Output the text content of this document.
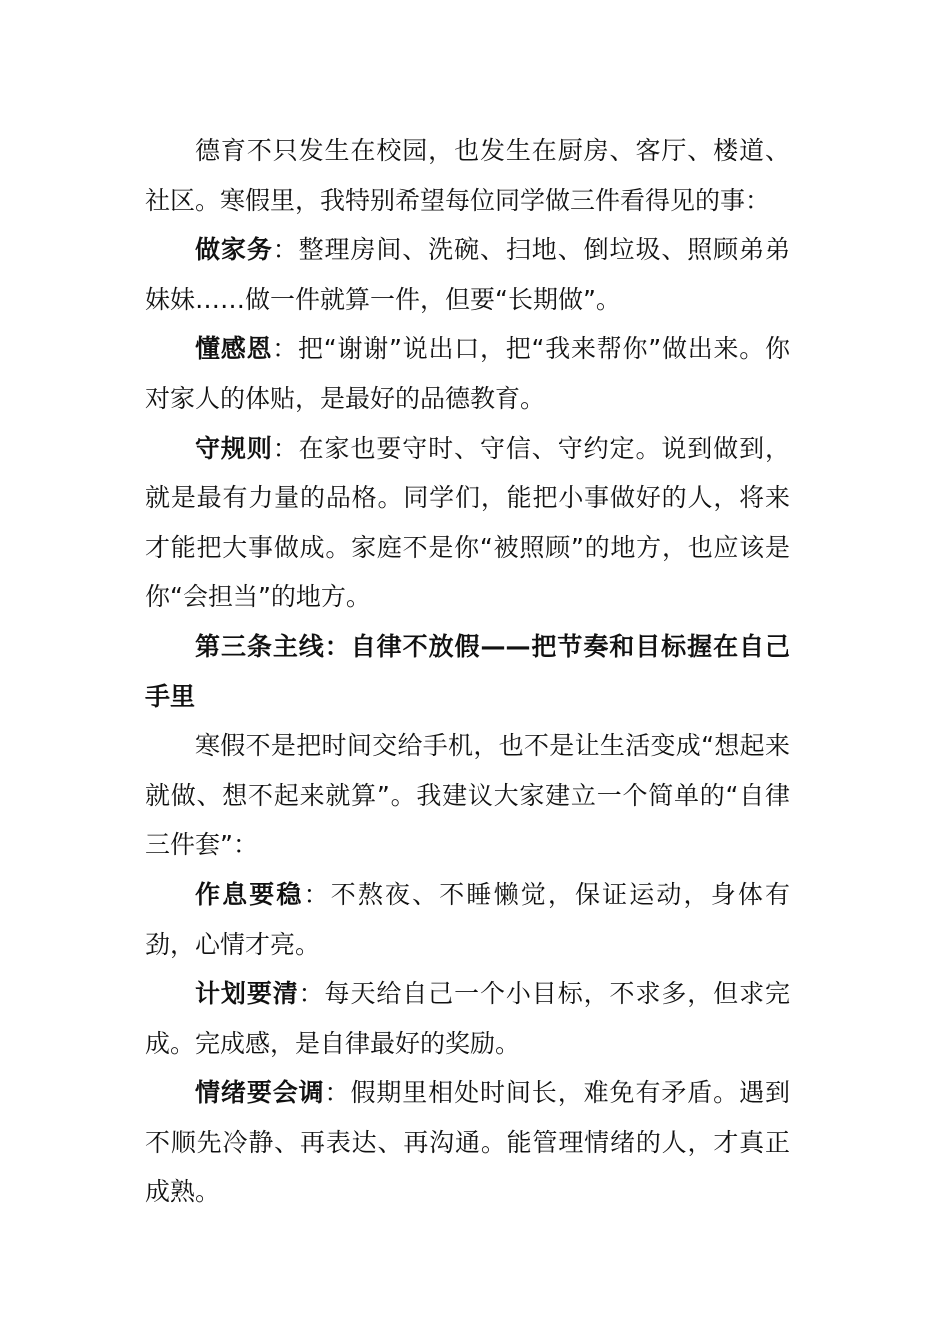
德育不只发生在校园，也发生在厨房、客厅、楼道、社区。寒假里，我特别希望每位同学做三件看得见的事：

做家务：整理房间、洗碗、扫地、倒垃圾、照顾弟弟妹妹……做一件就算一件，但要“长期做”。

懂感恩：把“谢谢”说出口，把“我来帮你”做出来。你对家人的体贴，是最好的品德教育。

守规则：在家也要守时、守信、守约定。说到做到，就是最有力量的品格。同学们，能把小事做好的人，将来才能把大事做成。家庭不是你“被照顾”的地方，也应该是你“会担当”的地方。

第三条主线：自律不放假——把节奏和目标握在自己手里

寒假不是把时间交给手机，也不是让生活变成“想起来就做、想不起来就算”。我建议大家建立一个简单的“自律三件套”：

作息要稳：不熬夜、不睡懒觉，保证运动，身体有劲，心情才亮。

计划要清：每天给自己一个小目标，不求多，但求完成。完成感，是自律最好的奖励。

情绪要会调：假期里相处时间长，难免有矛盾。遇到不顺先冷静、再表达、再沟通。能管理情绪的人，才真正成熟。
